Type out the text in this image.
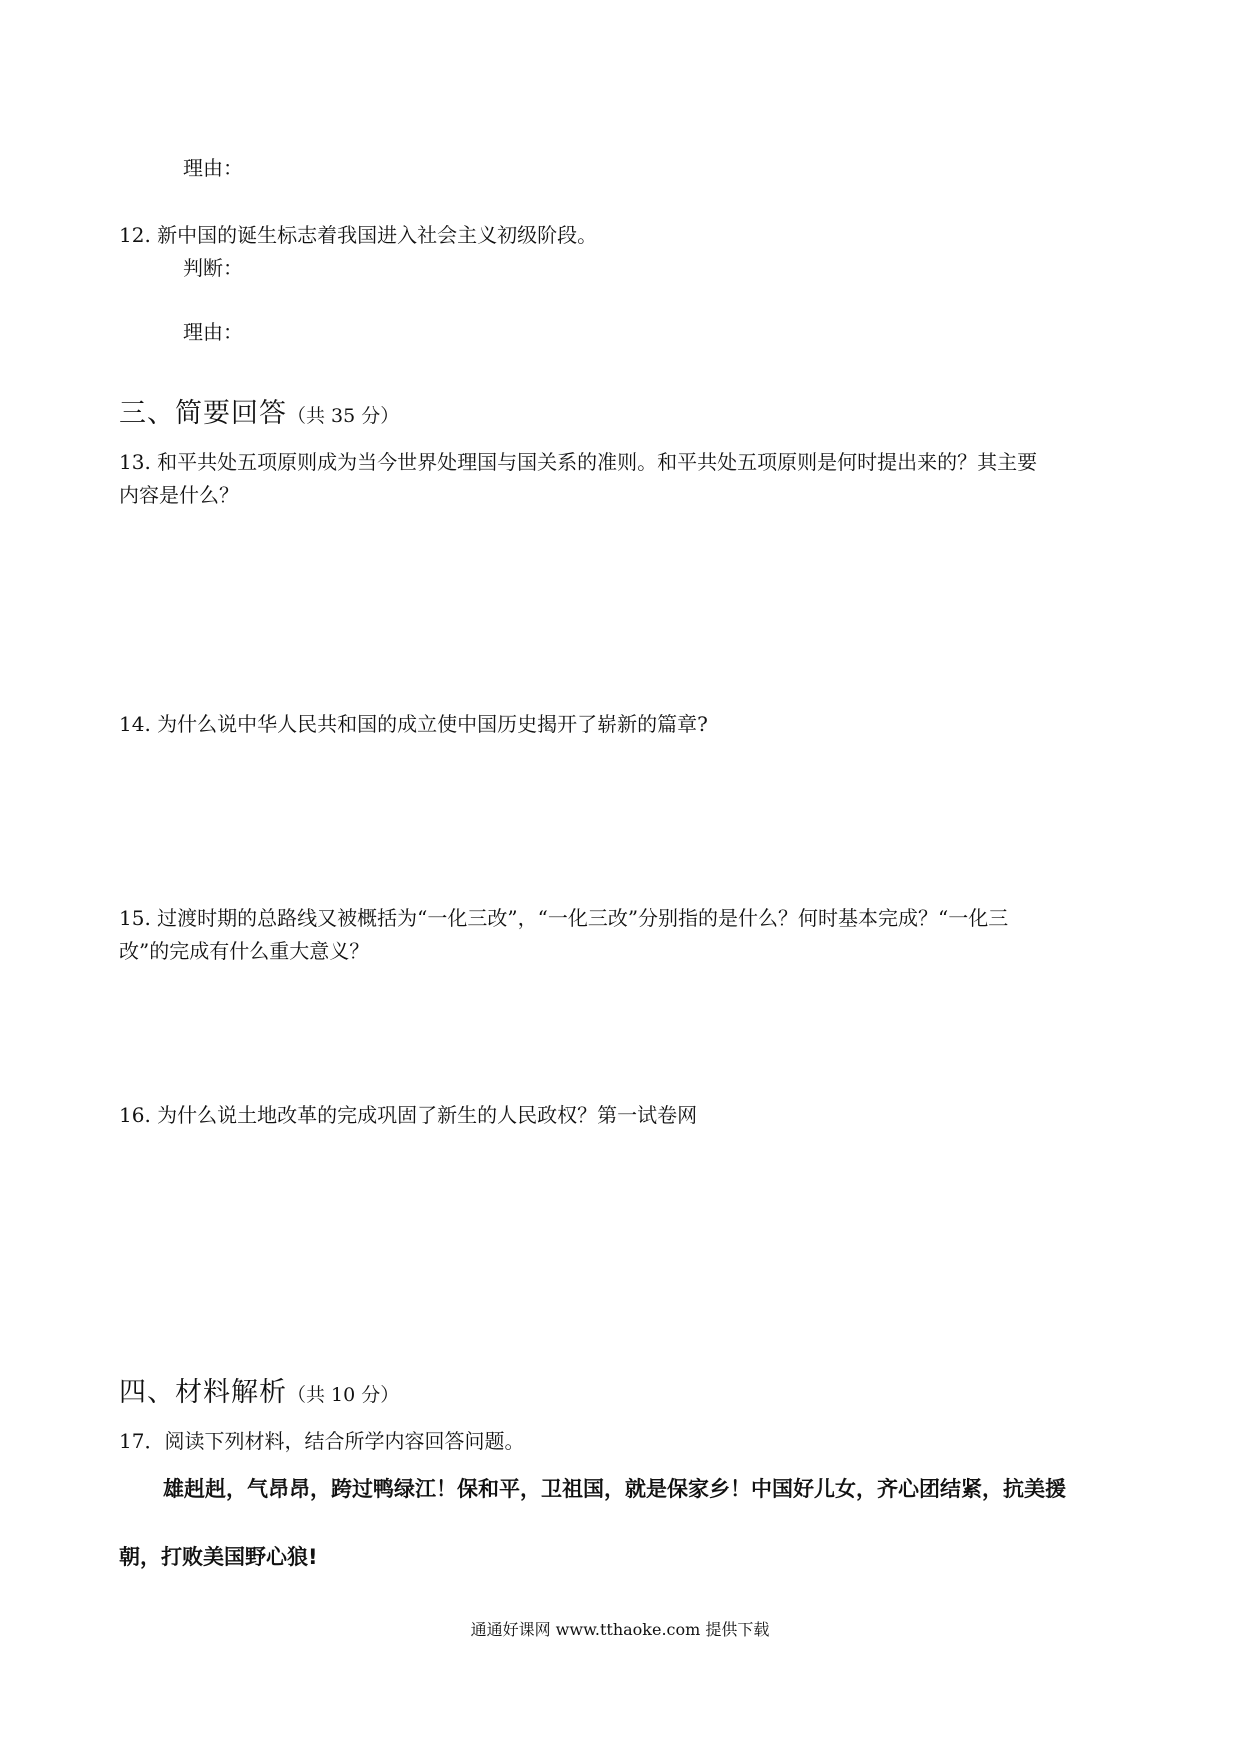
理由：
12. 新中国的诞生标志着我国进入社会主义初级阶段。
判断：
理由：
三、简要回答（共 35 分）
13. 和平共处五项原则成为当今世界处理国与国关系的准则。和平共处五项原则是何时提出来的？其主要
内容是什么？
14. 为什么说中华人民共和国的成立使中国历史揭开了崭新的篇章?
15. 过渡时期的总路线又被概括为“一化三改”，“一化三改”分别指的是什么？何时基本完成？“一化三
改”的完成有什么重大意义？
16. 为什么说土地改革的完成巩固了新生的人民政权？第一试卷网
四、材料解析（共 10 分）
17．阅读下列材料，结合所学内容回答问题。
雄赳赳，气昂昂，跨过鸭绿江！保和平，卫祖国，就是保家乡！中国好儿女，齐心团结紧，抗美援
朝，打败美国野心狼!
通通好课网 www.tthaoke.com 提供下载
